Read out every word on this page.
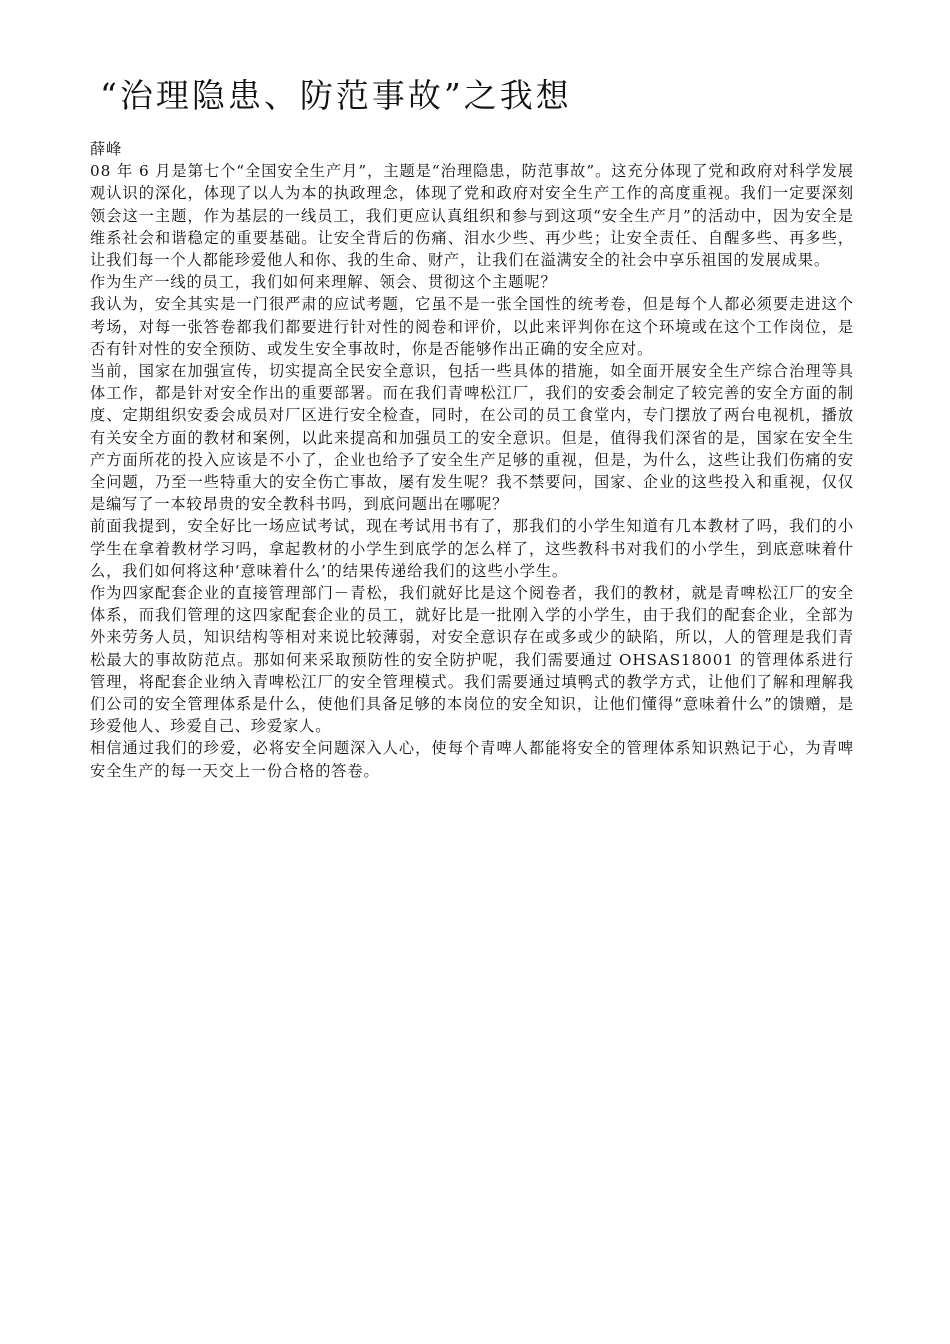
“治理隐患、防范事故”之我想

薛峰

08 年 6 月是第七个“全国安全生产月”，主题是“治理隐患，防范事故”。这充分体现了党和政府对科学发展观认识的深化，体现了以人为本的执政理念，体现了党和政府对安全生产工作的高度重视。我们一定要深刻领会这一主题，作为基层的一线员工，我们更应认真组织和参与到这项“安全生产月”的活动中，因为安全是维系社会和谐稳定的重要基础。让安全背后的伤痛、泪水少些、再少些；让安全责任、自醒多些、再多些，让我们每一个人都能珍爱他人和你、我的生命、财产，让我们在溢满安全的社会中享乐祖国的发展成果。

作为生产一线的员工，我们如何来理解、领会、贯彻这个主题呢？

我认为，安全其实是一门很严肃的应试考题，它虽不是一张全国性的统考卷，但是每个人都必须要走进这个考场，对每一张答卷都我们都要进行针对性的阅卷和评价，以此来评判你在这个环境或在这个工作岗位，是否有针对性的安全预防、或发生安全事故时，你是否能够作出正确的安全应对。

当前，国家在加强宣传，切实提高全民安全意识，包括一些具体的措施，如全面开展安全生产综合治理等具体工作，都是针对安全作出的重要部署。而在我们青啤松江厂，我们的安委会制定了较完善的安全方面的制度、定期组织安委会成员对厂区进行安全检查，同时，在公司的员工食堂内，专门摆放了两台电视机，播放有关安全方面的教材和案例，以此来提高和加强员工的安全意识。但是，值得我们深省的是，国家在安全生产方面所花的投入应该是不小了，企业也给予了安全生产足够的重视，但是，为什么，这些让我们伤痛的安全问题，乃至一些特重大的安全伤亡事故，屡有发生呢？我不禁要问，国家、企业的这些投入和重视，仅仅是编写了一本较昂贵的安全教科书吗，到底问题出在哪呢？

前面我提到，安全好比一场应试考试，现在考试用书有了，那我们的小学生知道有几本教材了吗，我们的小学生在拿着教材学习吗，拿起教材的小学生到底学的怎么样了，这些教科书对我们的小学生，到底意味着什么，我们如何将这种‘意味着什么’的结果传递给我们的这些小学生。

作为四家配套企业的直接管理部门－青松，我们就好比是这个阅卷者，我们的教材，就是青啤松江厂的安全体系，而我们管理的这四家配套企业的员工，就好比是一批刚入学的小学生，由于我们的配套企业，全部为外来劳务人员，知识结构等相对来说比较薄弱，对安全意识存在或多或少的缺陷，所以，人的管理是我们青松最大的事故防范点。那如何来采取预防性的安全防护呢，我们需要通过 OHSAS18001 的管理体系进行管理，将配套企业纳入青啤松江厂的安全管理模式。我们需要通过填鸭式的教学方式，让他们了解和理解我们公司的安全管理体系是什么，使他们具备足够的本岗位的安全知识，让他们懂得“意味着什么”的馈赠，是珍爱他人、珍爱自己、珍爱家人。

相信通过我们的珍爱，必将安全问题深入人心，使每个青啤人都能将安全的管理体系知识熟记于心，为青啤安全生产的每一天交上一份合格的答卷。
